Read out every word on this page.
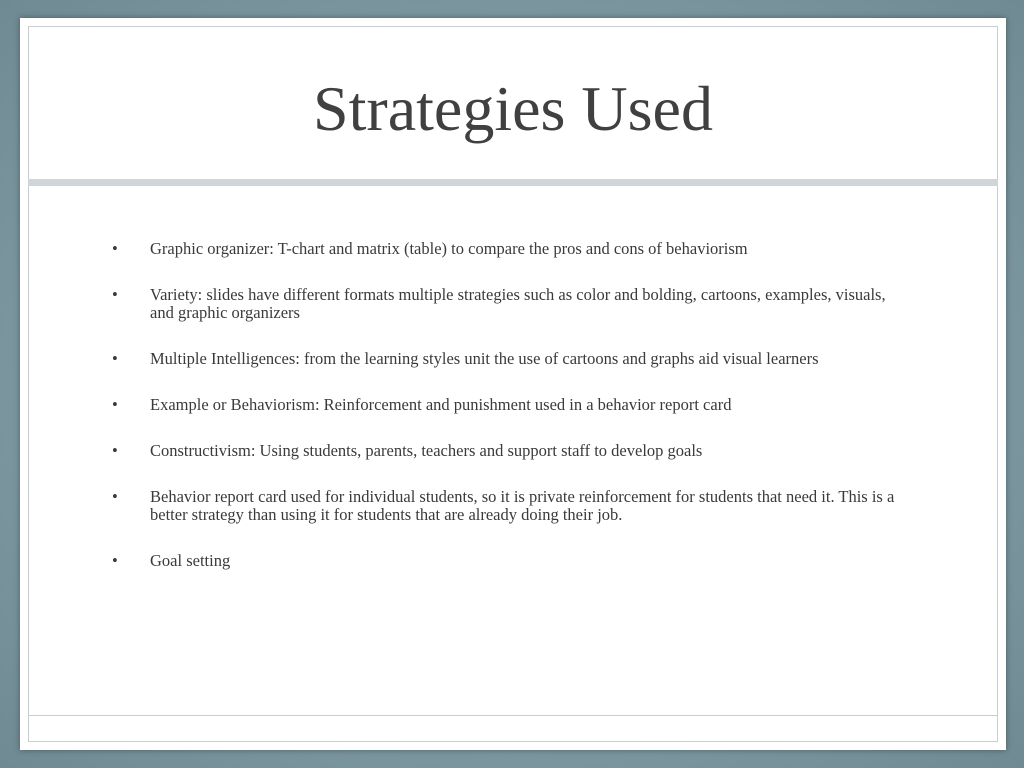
Strategies Used
• Graphic organizer: T-chart and matrix (table) to compare the pros and cons of behaviorism
• Variety: slides have different formats multiple strategies such as color and bolding, cartoons, examples, visuals, and graphic organizers
• Multiple Intelligences: from the learning styles unit the use of cartoons and graphs aid visual learners
• Example or Behaviorism: Reinforcement and punishment used in a behavior report card
• Constructivism: Using students, parents, teachers and support staff to develop goals
• Behavior report card used for individual students, so it is private reinforcement for students that need it. This is a better strategy than using it for students that are already doing their job.
• Goal setting
